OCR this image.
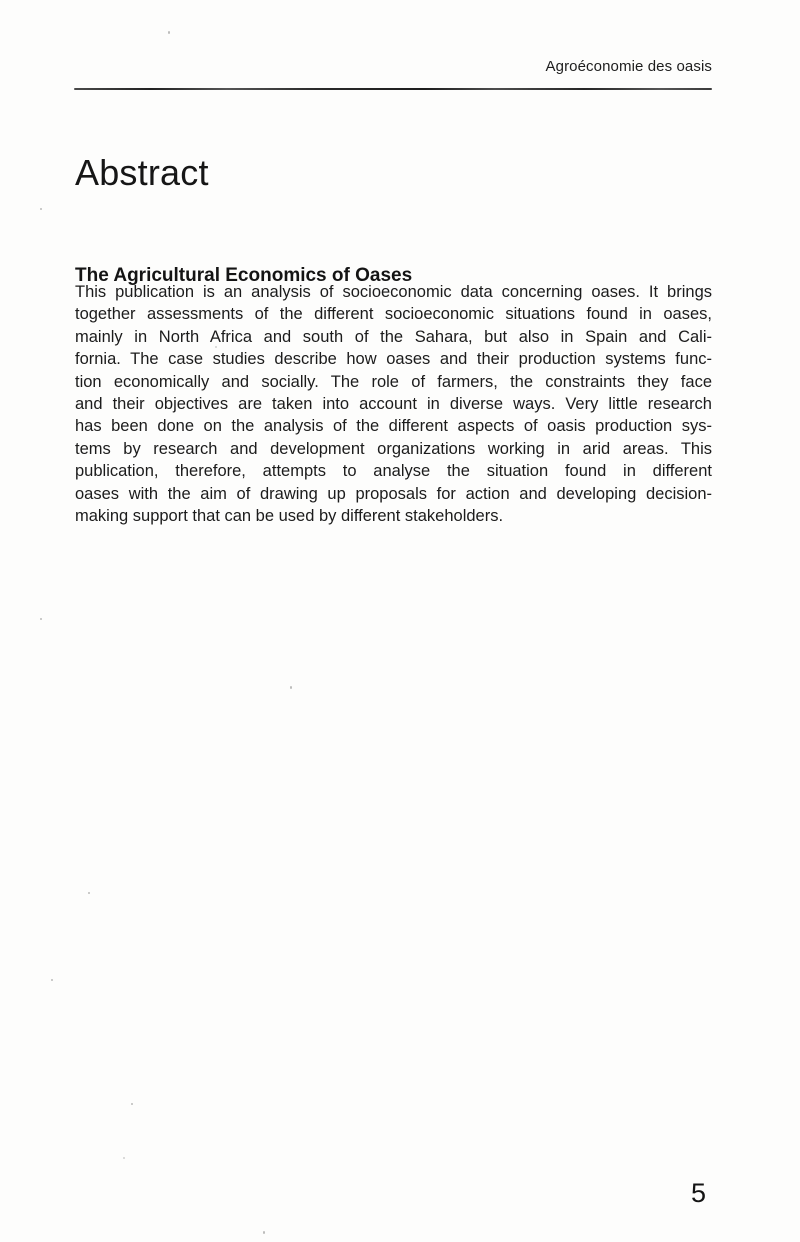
Agroéconomie des oasis
Abstract
The Agricultural Economics of Oases
This publication is an analysis of socioeconomic data concerning oases. It brings
together assessments of the different socioeconomic situations found in oases,
mainly in North Africa and south of the Sahara, but also in Spain and Cali-
fornia. The case studies describe how oases and their production systems func-
tion economically and socially. The role of farmers, the constraints they face
and their objectives are taken into account in diverse ways. Very little research
has been done on the analysis of the different aspects of oasis production sys-
tems by research and development organizations working in arid areas. This
publication, therefore, attempts to analyse the situation found in different
oases with the aim of drawing up proposals for action and developing decision-
making support that can be used by different stakeholders.
5
